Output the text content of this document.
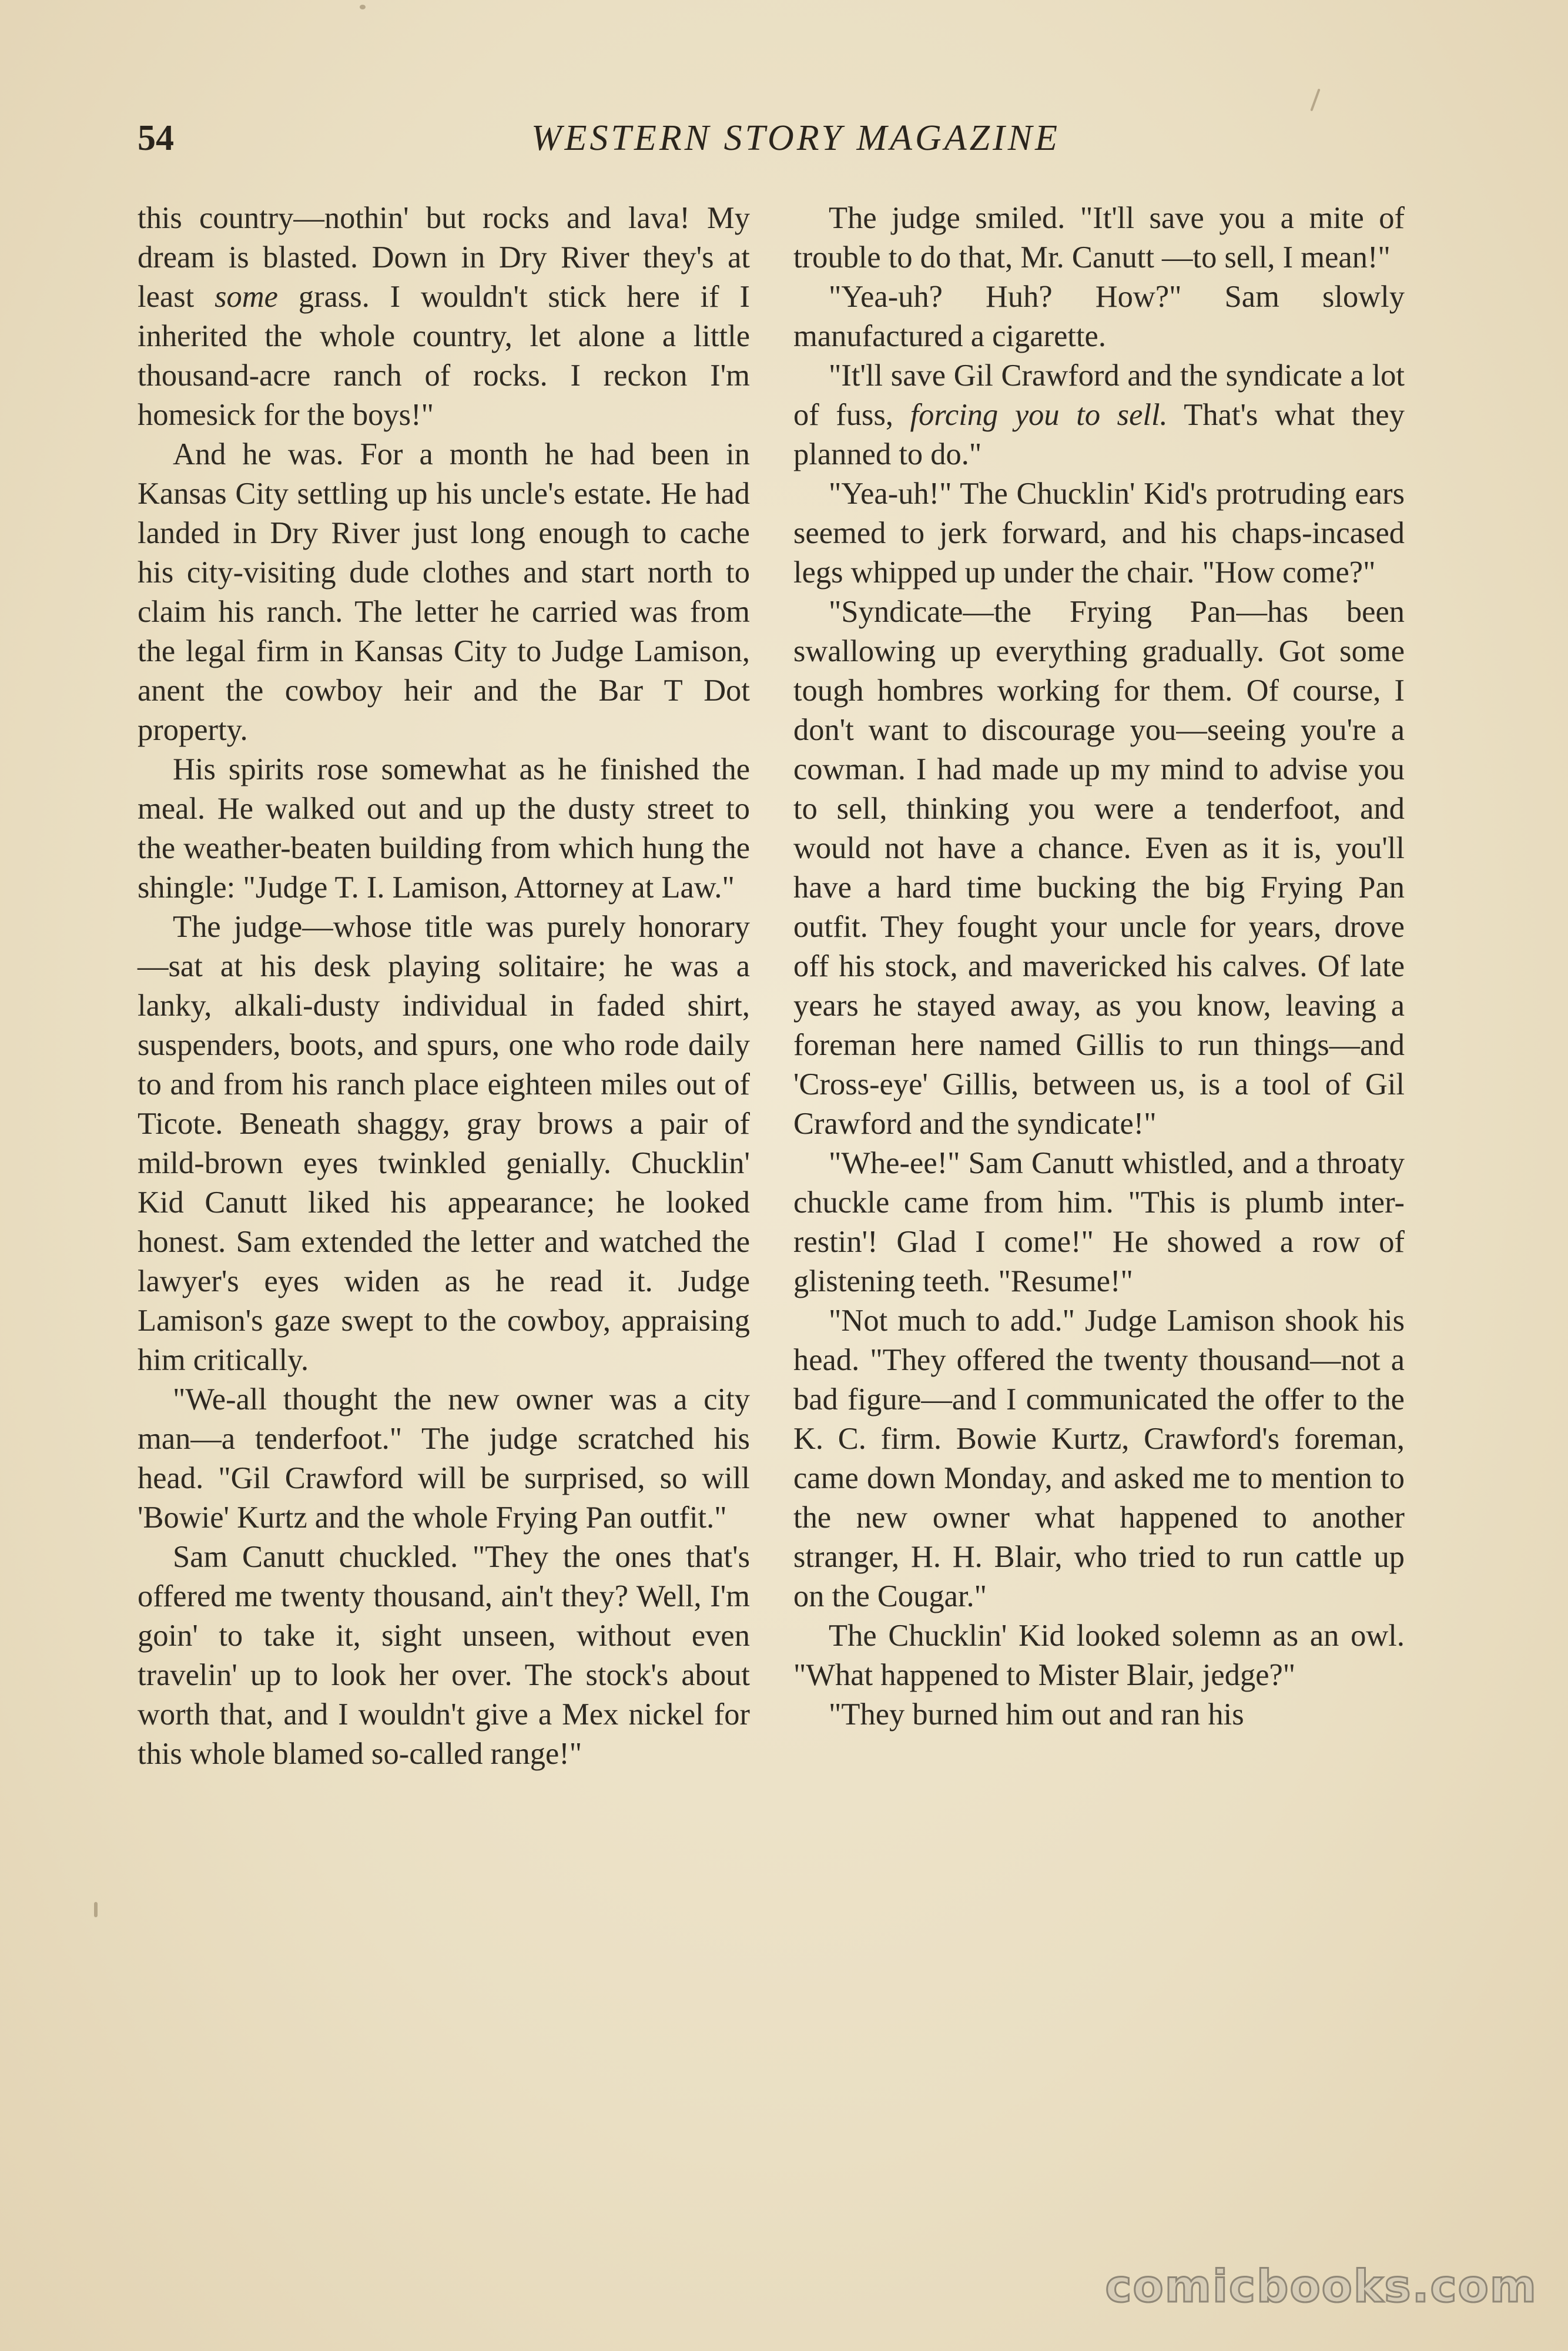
54	WESTERN STORY MAGAZINE

this country—nothin' but rocks and lava! My dream is blasted. Down in Dry River they's at least some grass. I wouldn't stick here if I inherited the whole country, let alone a little thousand-acre ranch of rocks. I reckon I'm homesick for the boys!"

And he was. For a month he had been in Kansas City settling up his uncle's estate. He had landed in Dry River just long enough to cache his city-visiting dude clothes and start north to claim his ranch. The letter he carried was from the legal firm in Kansas City to Judge Lamison, anent the cowboy heir and the Bar T Dot property.

His spirits rose somewhat as he finished the meal. He walked out and up the dusty street to the weather-beaten building from which hung the shingle: "Judge T. I. Lamison, Attorney at Law."

The judge—whose title was purely honorary—sat at his desk playing solitaire; he was a lanky, alkali-dusty individual in faded shirt, suspenders, boots, and spurs, one who rode daily to and from his ranch place eighteen miles out of Ticote. Beneath shaggy, gray brows a pair of mild-brown eyes twinkled genially. Chucklin' Kid Canutt liked his appearance; he looked honest. Sam extended the letter and watched the lawyer's eyes widen as he read it. Judge Lamison's gaze swept to the cowboy, appraising him critically.

"We-all thought the new owner was a city man—a tenderfoot." The judge scratched his head. "Gil Crawford will be surprised, so will 'Bowie' Kurtz and the whole Frying Pan outfit."

Sam Canutt chuckled. "They the ones that's offered me twenty thousand, ain't they? Well, I'm goin' to take it, sight unseen, without even travelin' up to look her over. The stock's about worth that, and I wouldn't give a Mex nickel for this whole blamed so-called range!"

The judge smiled. "It'll save you a mite of trouble to do that, Mr. Canutt —to sell, I mean!"

"Yea-uh? Huh? How?" Sam slowly manufactured a cigarette.

"It'll save Gil Crawford and the syndicate a lot of fuss, forcing you to sell. That's what they planned to do."

"Yea-uh!" The Chucklin' Kid's protruding ears seemed to jerk forward, and his chaps-incased legs whipped up under the chair. "How come?"

"Syndicate—the Frying Pan—has been swallowing up everything gradually. Got some tough hombres working for them. Of course, I don't want to discourage you—seeing you're a cowman. I had made up my mind to advise you to sell, thinking you were a tenderfoot, and would not have a chance. Even as it is, you'll have a hard time bucking the big Frying Pan outfit. They fought your uncle for years, drove off his stock, and mavericked his calves. Of late years he stayed away, as you know, leaving a foreman here named Gillis to run things—and 'Cross-eye' Gillis, between us, is a tool of Gil Crawford and the syndicate!"

"Whe-ee!" Sam Canutt whistled, and a throaty chuckle came from him. "This is plumb inter-restin'! Glad I come!" He showed a row of glistening teeth. "Resume!"

"Not much to add." Judge Lamison shook his head. "They offered the twenty thousand—not a bad figure—and I communicated the offer to the K. C. firm. Bowie Kurtz, Crawford's foreman, came down Monday, and asked me to mention to the new owner what happened to another stranger, H. H. Blair, who tried to run cattle up on the Cougar."

The Chucklin' Kid looked solemn as an owl. "What happened to Mister Blair, jedge?"

"They burned him out and ran his

comicbooks.com
